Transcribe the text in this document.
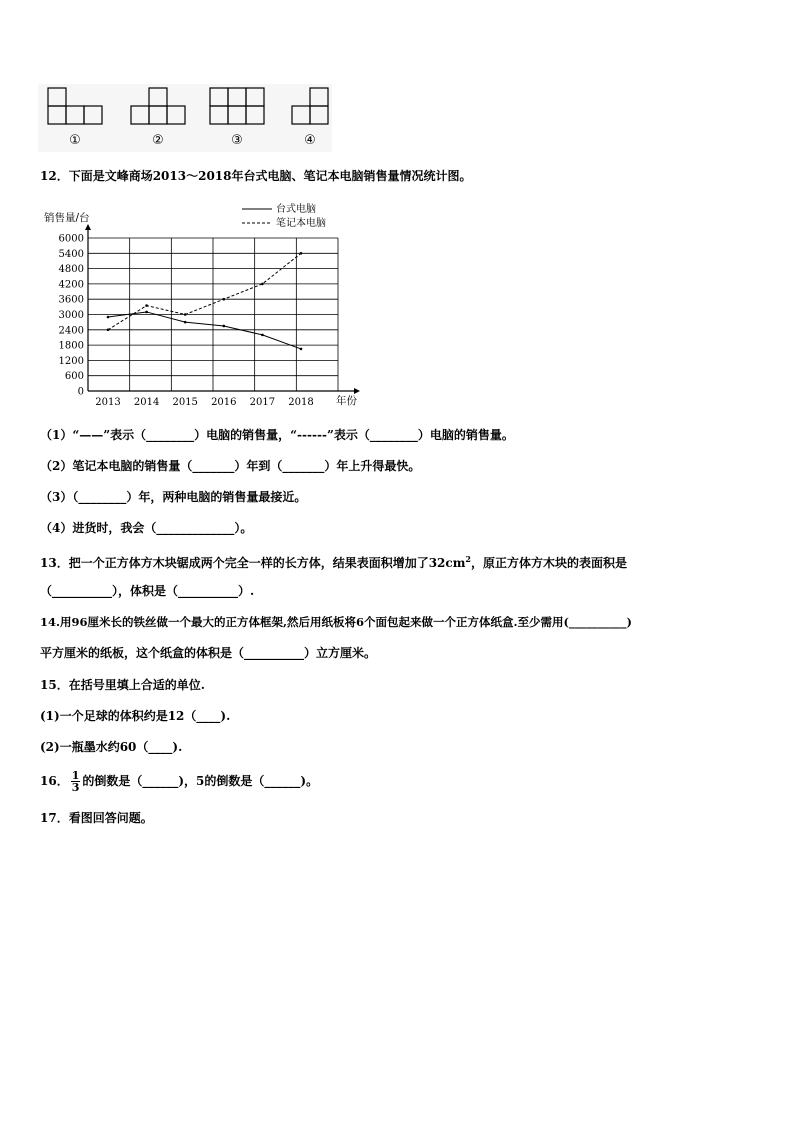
①	②	③	④
12．下面是文峰商场2013～2018年台式电脑、笔记本电脑销售量情况统计图。
0
600
1200
1800
2400
3000
3600
4200
4800
5400
6000
2013 2014 2015 2016 2017 2018
销售量/台
年份
台式电脑
笔记本电脑
（1）“——”表示（________）电脑的销售量，“------”表示（________）电脑的销售量。
（2）笔记本电脑的销售量（_______）年到（_______）年上升得最快。
（3）（________）年，两种电脑的销售量最接近。
（4）进货时，我会（_____________）。
13．把一个正方体方木块锯成两个完全一样的长方体，结果表面积增加了$32cm^2$，原正方体方木块的表面积是
（__________），体积是（__________）.
14.用96厘米长的铁丝做一个最大的正方体框架,然后用纸板将6个面包起来做一个正方体纸盒.至少需用(__________)
平方厘米的纸板，这个纸盒的体积是（__________）立方厘米。
15．在括号里填上合适的单位.
(1)一个足球的体积约是12（____).
(2)一瓶墨水约60（____).
16． $\frac{1}{3}$ 的倒数是（______)，5的倒数是（______)。
17．看图回答问题。
